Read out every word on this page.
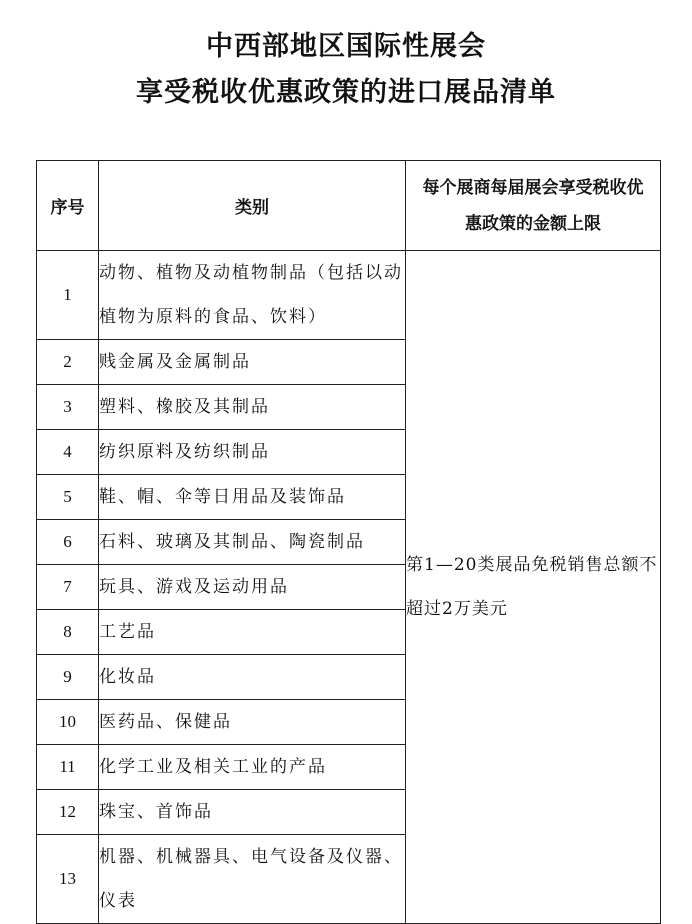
中西部地区国际性展会
享受税收优惠政策的进口展品清单
序号	类别	每个展商每届展会享受税收优惠政策的金额上限

1	动物、植物及动植物制品（包括以动植物为原料的食品、饮料）	第1—20类展品免税销售总额不超过2万美元
2	贱金属及金属制品	
3	塑料、橡胶及其制品	
4	纺织原料及纺织制品	
5	鞋、帽、伞等日用品及装饰品	
6	石料、玻璃及其制品、陶瓷制品	
7	玩具、游戏及运动用品	
8	工艺品	
9	化妆品	
10	医药品、保健品	
11	化学工业及相关工业的产品	
12	珠宝、首饰品	
13	机器、机械器具、电气设备及仪器、仪表	
